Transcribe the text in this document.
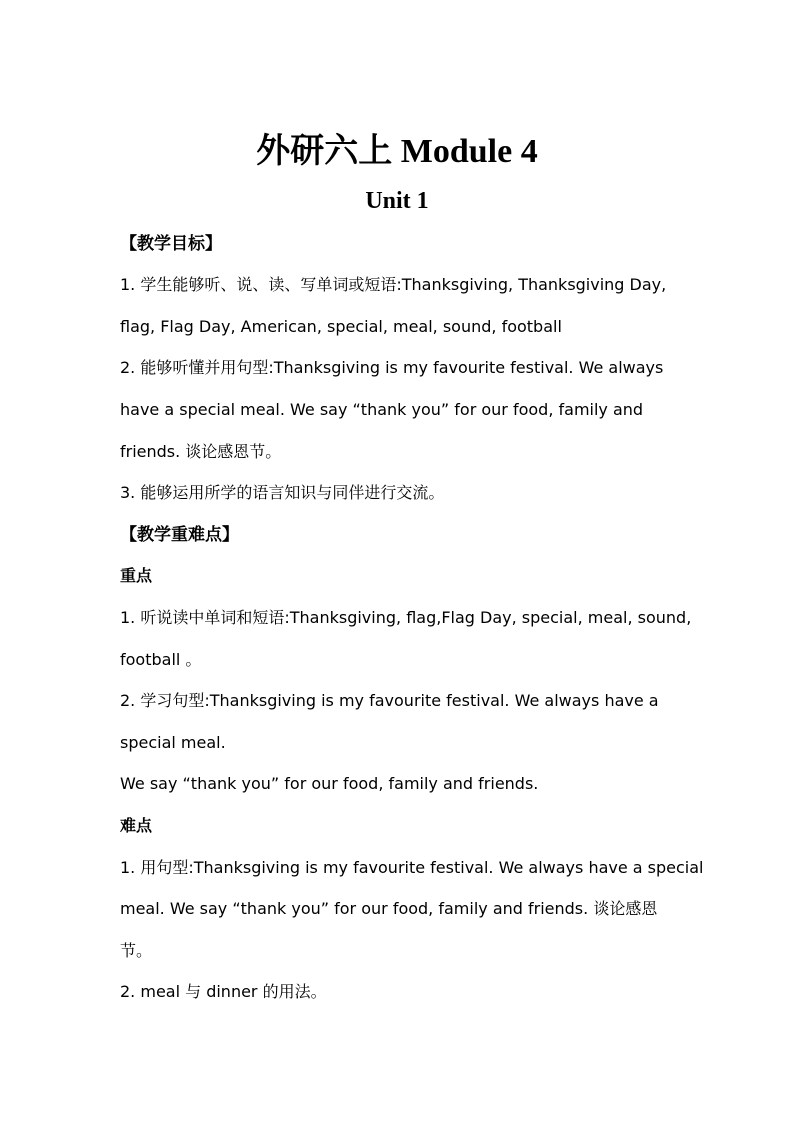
外研六上 Module 4
Unit 1
【教学目标】
1. 学生能够听、说、读、写单词或短语:Thanksgiving, Thanksgiving Day,
flag, Flag Day, American, special, meal, sound, football
2. 能够听懂并用句型:Thanksgiving is my favourite festival. We always
have a special meal. We say “thank you” for our food, family and
friends. 谈论感恩节。
3. 能够运用所学的语言知识与同伴进行交流。
【教学重难点】
重点
1. 听说读中单词和短语:Thanksgiving, flag,Flag Day, special, meal, sound,
football 。
2. 学习句型:Thanksgiving is my favourite festival. We always have a
special meal.
We say “thank you” for our food, family and friends.
难点
1. 用句型:Thanksgiving is my favourite festival. We always have a special
meal. We say “thank you” for our food, family and friends. 谈论感恩
节。
2. meal 与 dinner 的用法。
